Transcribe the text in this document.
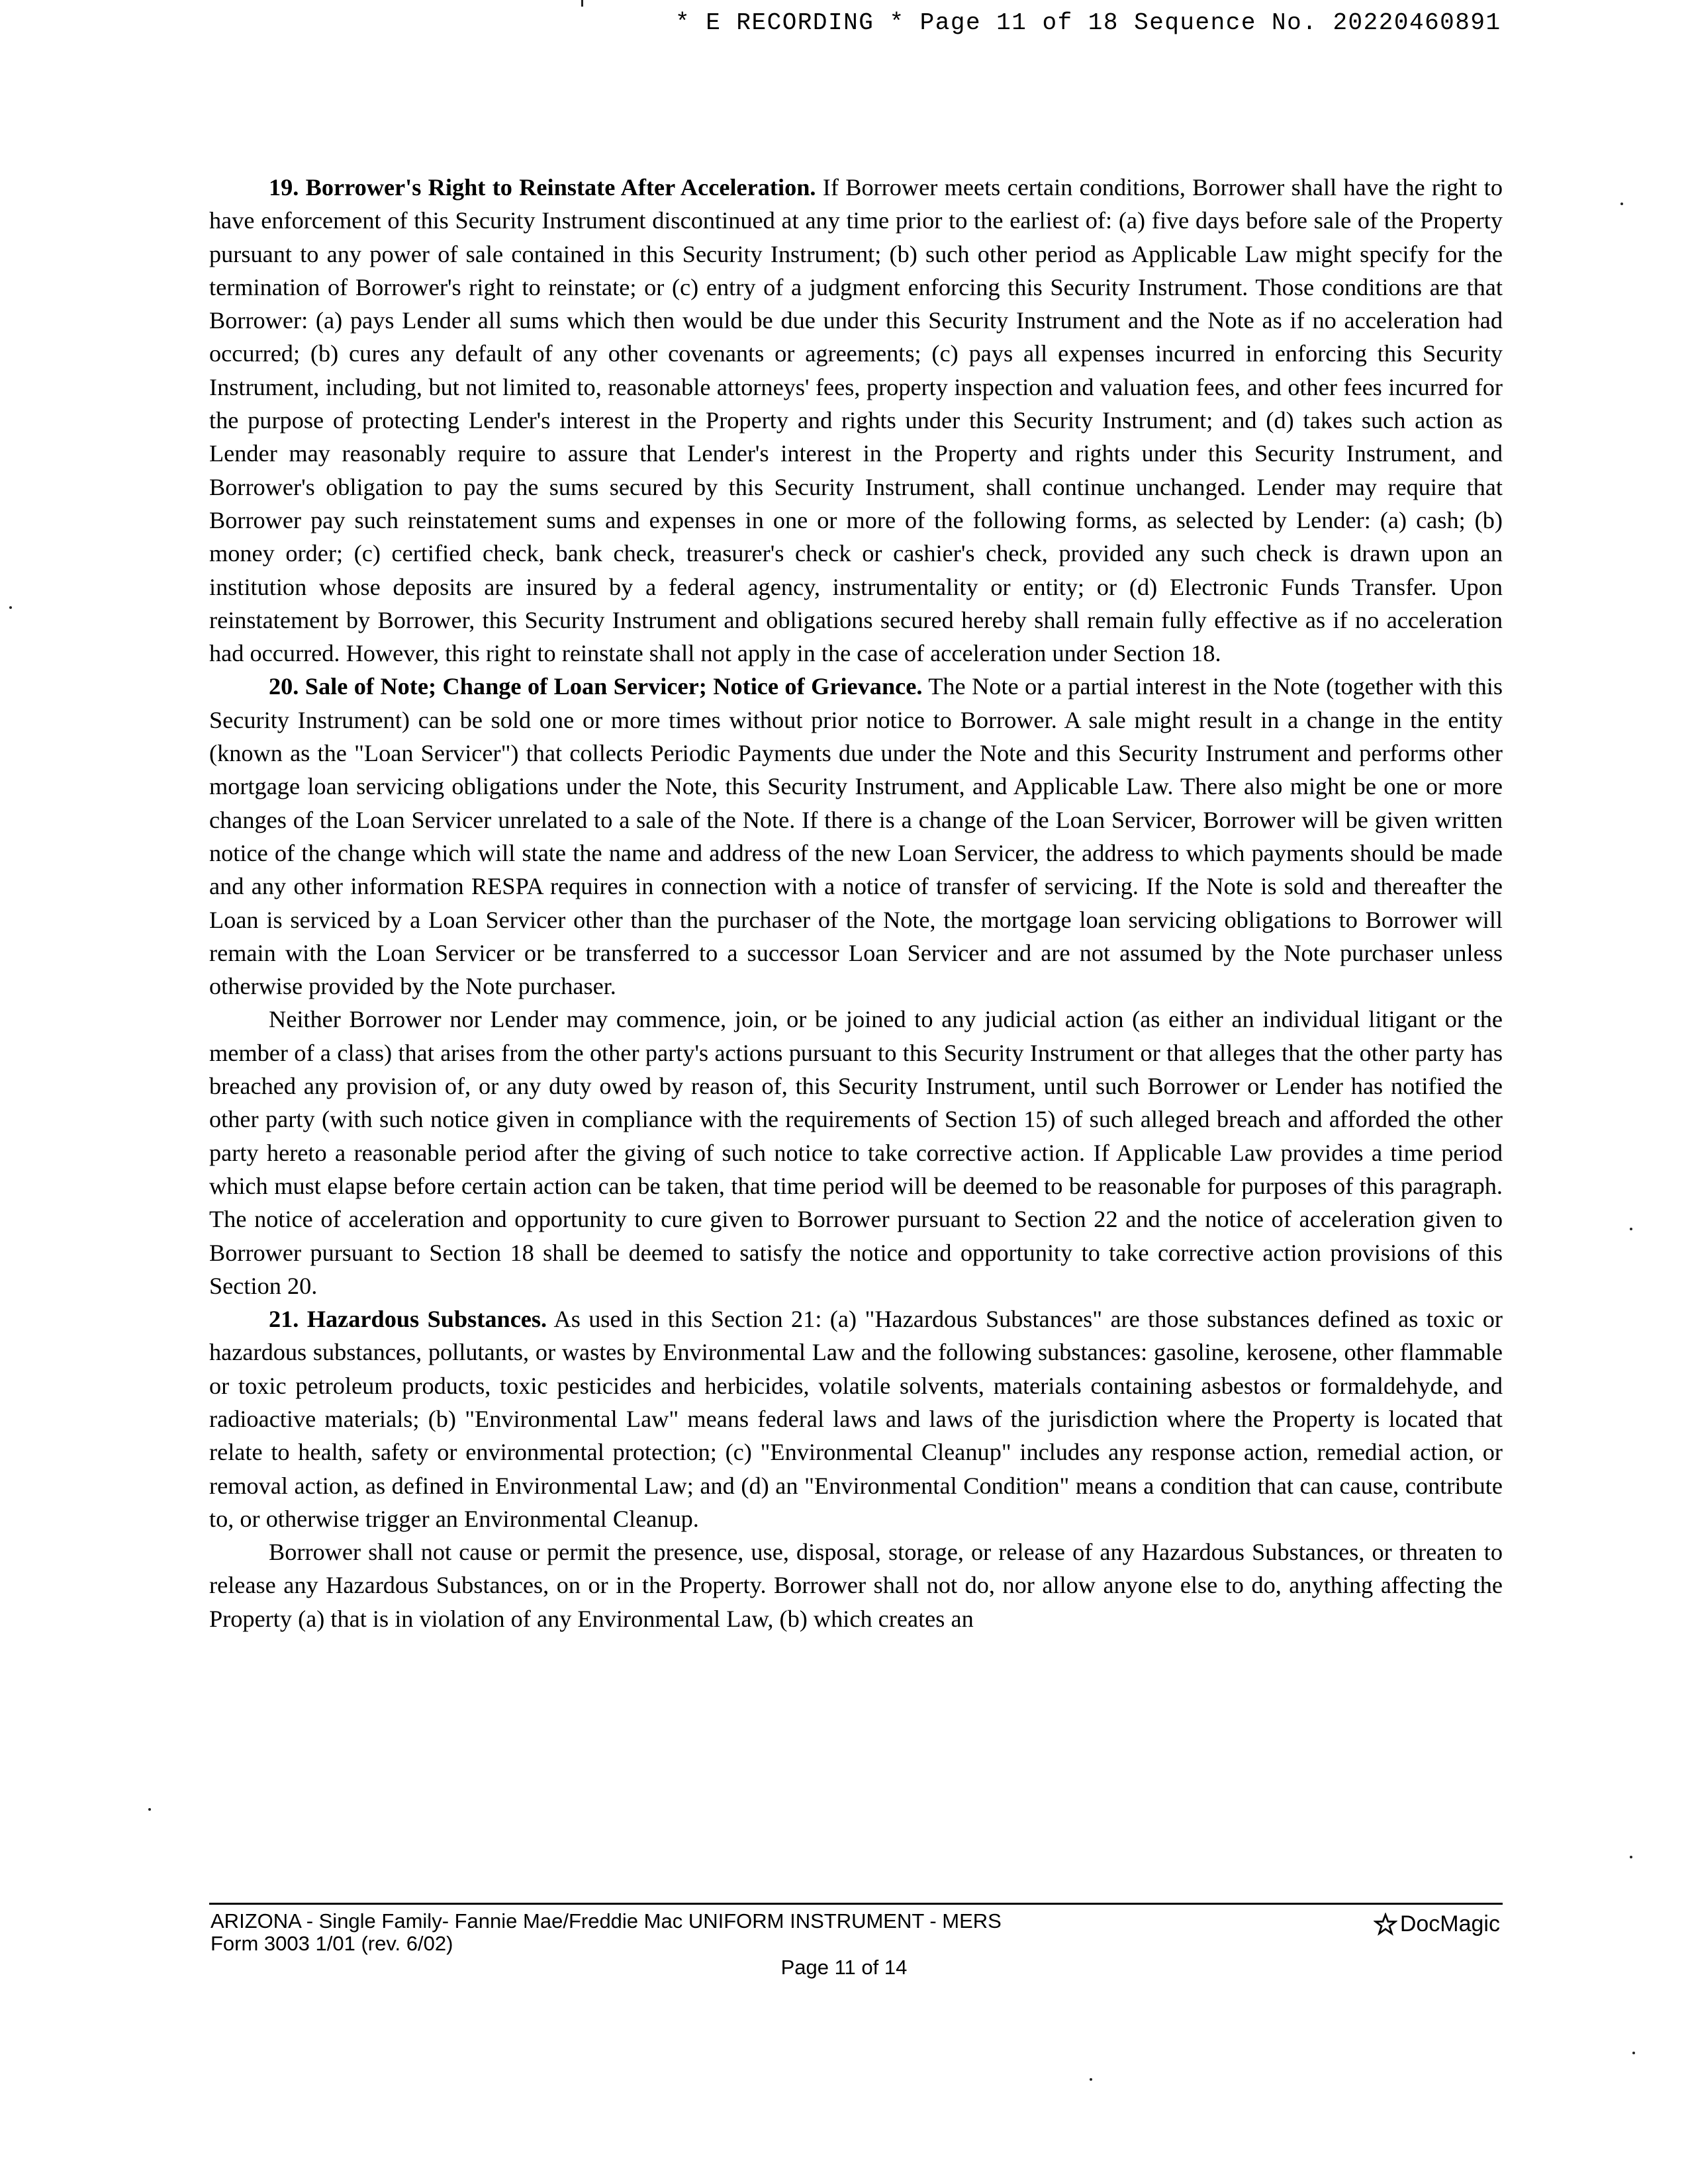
* E RECORDING * Page 11 of 18 Sequence No. 20220460891

19. Borrower's Right to Reinstate After Acceleration. If Borrower meets certain conditions, Borrower shall have the right to have enforcement of this Security Instrument discontinued at any time prior to the earliest of: (a) five days before sale of the Property pursuant to any power of sale contained in this Security Instrument; (b) such other period as Applicable Law might specify for the termination of Borrower's right to reinstate; or (c) entry of a judgment enforcing this Security Instrument. Those conditions are that Borrower: (a) pays Lender all sums which then would be due under this Security Instrument and the Note as if no acceleration had occurred; (b) cures any default of any other covenants or agreements; (c) pays all expenses incurred in enforcing this Security Instrument, including, but not limited to, reasonable attorneys' fees, property inspection and valuation fees, and other fees incurred for the purpose of protecting Lender's interest in the Property and rights under this Security Instrument; and (d) takes such action as Lender may reasonably require to assure that Lender's interest in the Property and rights under this Security Instrument, and Borrower's obligation to pay the sums secured by this Security Instrument, shall continue unchanged. Lender may require that Borrower pay such reinstatement sums and expenses in one or more of the following forms, as selected by Lender: (a) cash; (b) money order; (c) certified check, bank check, treasurer's check or cashier's check, provided any such check is drawn upon an institution whose deposits are insured by a federal agency, instrumentality or entity; or (d) Electronic Funds Transfer. Upon reinstatement by Borrower, this Security Instrument and obligations secured hereby shall remain fully effective as if no acceleration had occurred. However, this right to reinstate shall not apply in the case of acceleration under Section 18.

20. Sale of Note; Change of Loan Servicer; Notice of Grievance. The Note or a partial interest in the Note (together with this Security Instrument) can be sold one or more times without prior notice to Borrower. A sale might result in a change in the entity (known as the "Loan Servicer") that collects Periodic Payments due under the Note and this Security Instrument and performs other mortgage loan servicing obligations under the Note, this Security Instrument, and Applicable Law. There also might be one or more changes of the Loan Servicer unrelated to a sale of the Note. If there is a change of the Loan Servicer, Borrower will be given written notice of the change which will state the name and address of the new Loan Servicer, the address to which payments should be made and any other information RESPA requires in connection with a notice of transfer of servicing. If the Note is sold and thereafter the Loan is serviced by a Loan Servicer other than the purchaser of the Note, the mortgage loan servicing obligations to Borrower will remain with the Loan Servicer or be transferred to a successor Loan Servicer and are not assumed by the Note purchaser unless otherwise provided by the Note purchaser.

Neither Borrower nor Lender may commence, join, or be joined to any judicial action (as either an individual litigant or the member of a class) that arises from the other party's actions pursuant to this Security Instrument or that alleges that the other party has breached any provision of, or any duty owed by reason of, this Security Instrument, until such Borrower or Lender has notified the other party (with such notice given in compliance with the requirements of Section 15) of such alleged breach and afforded the other party hereto a reasonable period after the giving of such notice to take corrective action. If Applicable Law provides a time period which must elapse before certain action can be taken, that time period will be deemed to be reasonable for purposes of this paragraph. The notice of acceleration and opportunity to cure given to Borrower pursuant to Section 22 and the notice of acceleration given to Borrower pursuant to Section 18 shall be deemed to satisfy the notice and opportunity to take corrective action provisions of this Section 20.

21. Hazardous Substances. As used in this Section 21: (a) "Hazardous Substances" are those substances defined as toxic or hazardous substances, pollutants, or wastes by Environmental Law and the following substances: gasoline, kerosene, other flammable or toxic petroleum products, toxic pesticides and herbicides, volatile solvents, materials containing asbestos or formaldehyde, and radioactive materials; (b) "Environmental Law" means federal laws and laws of the jurisdiction where the Property is located that relate to health, safety or environmental protection; (c) "Environmental Cleanup" includes any response action, remedial action, or removal action, as defined in Environmental Law; and (d) an "Environmental Condition" means a condition that can cause, contribute to, or otherwise trigger an Environmental Cleanup.

Borrower shall not cause or permit the presence, use, disposal, storage, or release of any Hazardous Substances, or threaten to release any Hazardous Substances, on or in the Property. Borrower shall not do, nor allow anyone else to do, anything affecting the Property (a) that is in violation of any Environmental Law, (b) which creates an

ARIZONA - Single Family- Fannie Mae/Freddie Mac UNIFORM INSTRUMENT - MERS
Form 3003 1/01 (rev. 6/02)
Page 11 of 14
DocMagic
